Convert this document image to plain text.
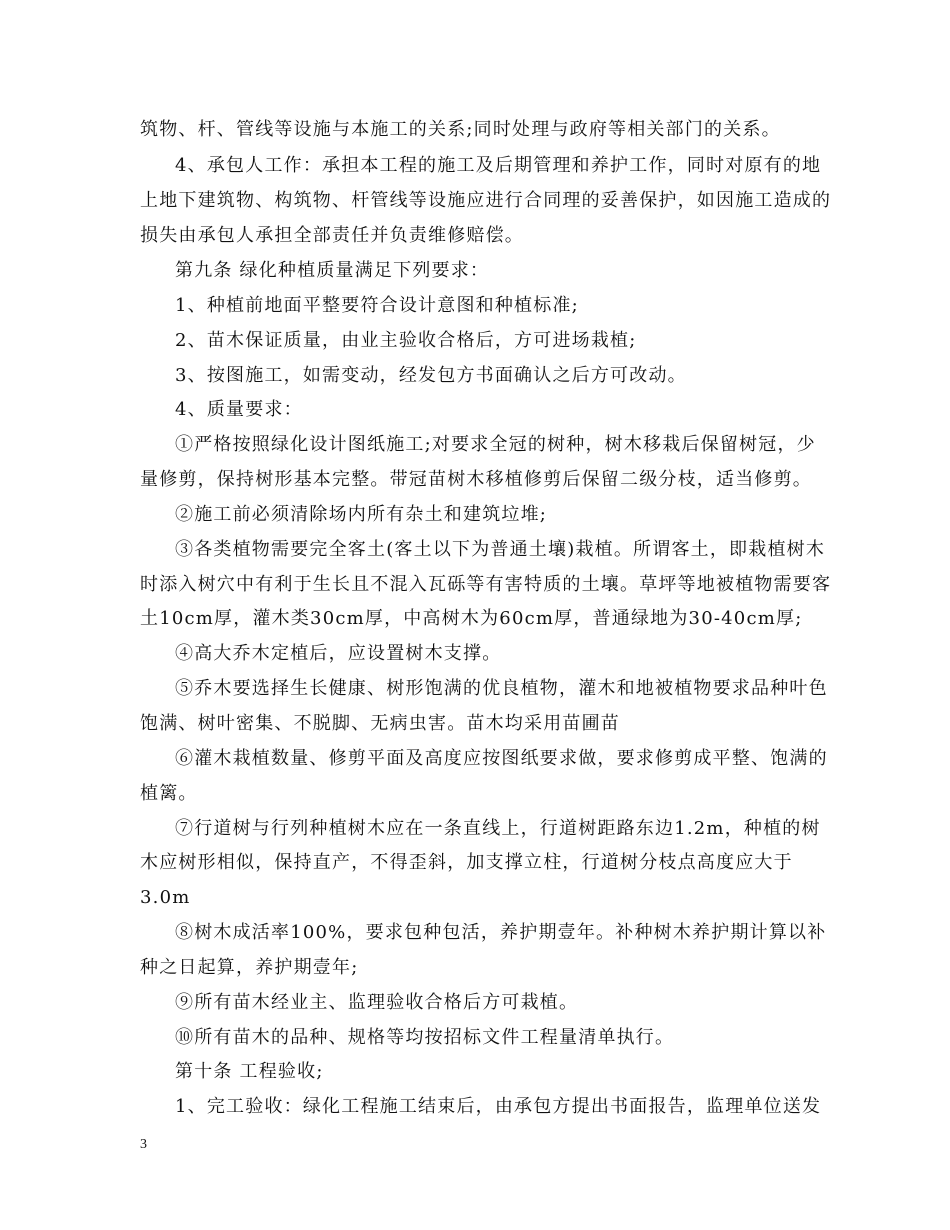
筑物、杆、管线等设施与本施工的关系;同时处理与政府等相关部门的关系。
4、承包人工作：承担本工程的施工及后期管理和养护工作，同时对原有的地
上地下建筑物、构筑物、杆管线等设施应进行合同理的妥善保护，如因施工造成的
损失由承包人承担全部责任并负责维修赔偿。
第九条 绿化种植质量满足下列要求：
1、种植前地面平整要符合设计意图和种植标准;
2、苗木保证质量，由业主验收合格后，方可进场栽植;
3、按图施工，如需变动，经发包方书面确认之后方可改动。
4、质量要求：
①严格按照绿化设计图纸施工;对要求全冠的树种，树木移栽后保留树冠，少
量修剪，保持树形基本完整。带冠苗树木移植修剪后保留二级分枝，适当修剪。
②施工前必须清除场内所有杂土和建筑垃堆;
③各类植物需要完全客土(客土以下为普通土壤)栽植。所谓客土，即栽植树木
时添入树穴中有利于生长且不混入瓦砾等有害特质的土壤。草坪等地被植物需要客
土10cm厚，灌木类30cm厚，中高树木为60cm厚，普通绿地为30-40cm厚;
④高大乔木定植后，应设置树木支撑。
⑤乔木要选择生长健康、树形饱满的优良植物，灌木和地被植物要求品种叶色
饱满、树叶密集、不脱脚、无病虫害。苗木均采用苗圃苗
⑥灌木栽植数量、修剪平面及高度应按图纸要求做，要求修剪成平整、饱满的
植篱。
⑦行道树与行列种植树木应在一条直线上，行道树距路东边1.2m，种植的树
木应树形相似，保持直产，不得歪斜，加支撑立柱，行道树分枝点高度应大于
3.0m
⑧树木成活率100%，要求包种包活，养护期壹年。补种树木养护期计算以补
种之日起算，养护期壹年;
⑨所有苗木经业主、监理验收合格后方可栽植。
⑩所有苗木的品种、规格等均按招标文件工程量清单执行。
第十条 工程验收;
1、完工验收：绿化工程施工结束后，由承包方提出书面报告，监理单位送发
3
